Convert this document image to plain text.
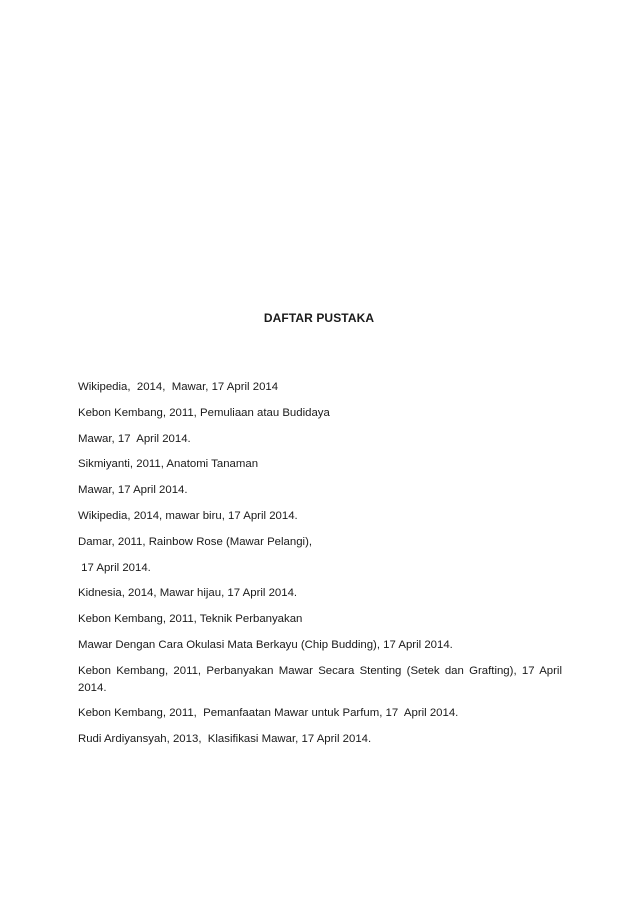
DAFTAR PUSTAKA
Wikipedia,  2014,  Mawar, 17 April 2014
Kebon Kembang, 2011, Pemuliaan atau Budidaya
Mawar, 17  April 2014.
Sikmiyanti, 2011, Anatomi Tanaman
Mawar, 17 April 2014.
Wikipedia, 2014, mawar biru, 17 April 2014.
Damar, 2011, Rainbow Rose (Mawar Pelangi),
17 April 2014.
Kidnesia, 2014, Mawar hijau, 17 April 2014.
Kebon Kembang, 2011, Teknik Perbanyakan
Mawar Dengan Cara Okulasi Mata Berkayu (Chip Budding), 17 April 2014.
Kebon Kembang, 2011, Perbanyakan Mawar Secara Stenting (Setek dan Grafting), 17 April 2014.
Kebon Kembang, 2011,  Pemanfaatan Mawar untuk Parfum, 17  April 2014.
Rudi Ardiyansyah, 2013,  Klasifikasi Mawar, 17 April 2014.
